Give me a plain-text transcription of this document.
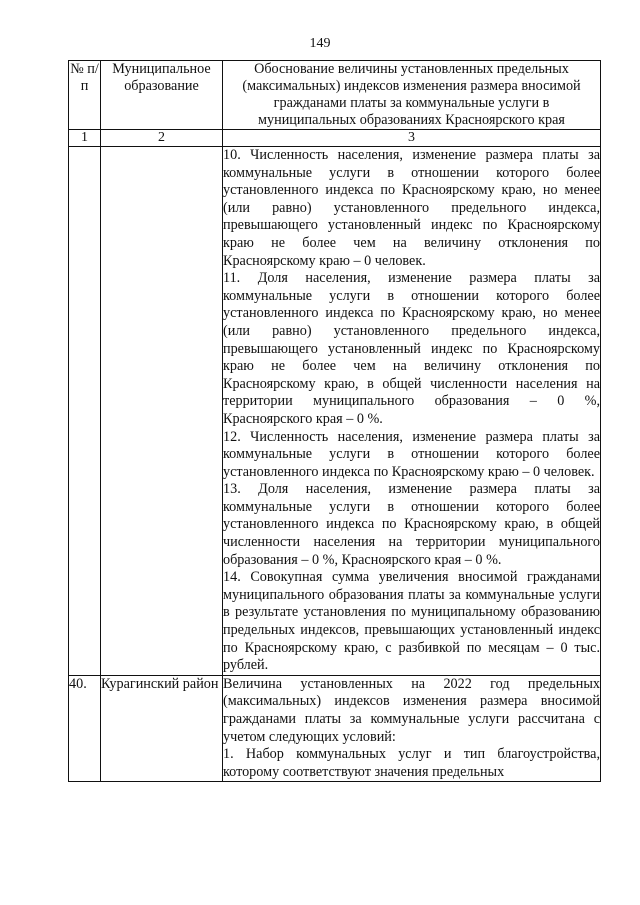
149
№ п/п	Муниципальное образование	Обоснование величины установленных предельных (максимальных) индексов изменения размера вносимой гражданами платы за коммунальные услуги в муниципальных образованиях Красноярского края
1	2	3

		10. Численность населения, изменение размера платы за коммунальные услуги в отношении которого более установленного индекса по Красноярскому краю, но менее (или равно) установленного предельного индекса, превышающего установленный индекс по Красноярскому краю не более чем на величину отклонения по Красноярскому краю – 0 человек.

11. Доля населения, изменение размера платы за коммунальные услуги в отношении которого более установленного индекса по Красноярскому краю, но менее (или равно) установленного предельного индекса, превышающего установленный индекс по Красноярскому краю не более чем на величину отклонения по Красноярскому краю, в общей численности населения на территории муниципального образования – 0 %, Красноярского края – 0 %.

12. Численность населения, изменение размера платы за коммунальные услуги в отношении которого более установленного индекса по Красноярскому краю – 0 человек.

13. Доля населения, изменение размера платы за коммунальные услуги в отношении которого более установленного индекса по Красноярскому краю, в общей численности населения на территории муниципального образования – 0 %, Красноярского края – 0 %.

14. Совокупная сумма увеличения вносимой гражданами муниципального образования платы за коммунальные услуги в результате установления по муниципальному образованию предельных индексов, превышающих установленный индекс по Красноярскому краю, с разбивкой по месяцам – 0 тыс. рублей.

40.	Курагинский район	Величина установленных на 2022 год предельных (максимальных) индексов изменения размера вносимой гражданами платы за коммунальные услуги рассчитана с учетом следующих условий:

1. Набор коммунальных услуг и тип благоустройства, которому соответствуют значения предельных
